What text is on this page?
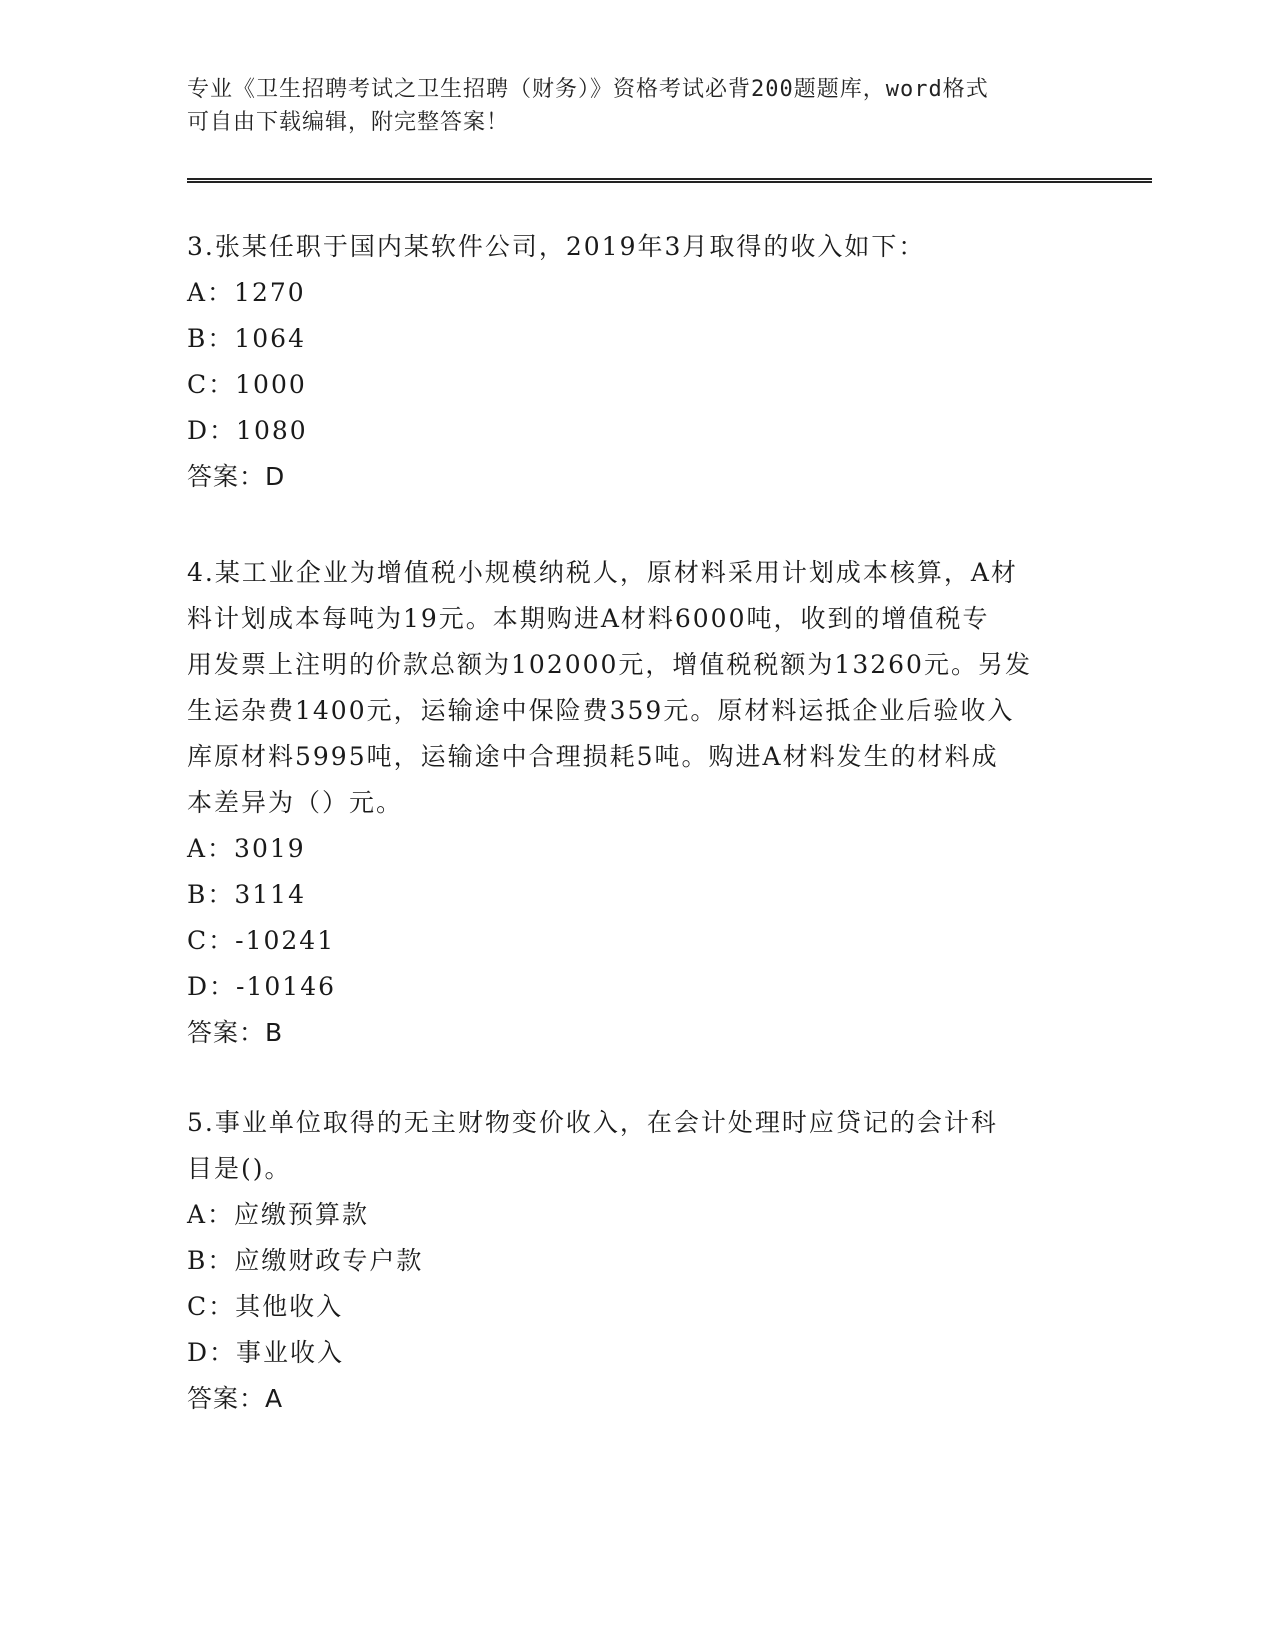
专业《卫生招聘考试之卫生招聘（财务）》资格考试必背200题题库，word格式
可自由下载编辑，附完整答案！
3.张某任职于国内某软件公司，2019年3月取得的收入如下：
A：1270
B：1064
C：1000
D：1080
答案：D
4.某工业企业为增值税小规模纳税人，原材料采用计划成本核算，A材
料计划成本每吨为19元。本期购进A材料6000吨，收到的增值税专
用发票上注明的价款总额为102000元，增值税税额为13260元。另发
生运杂费1400元，运输途中保险费359元。原材料运抵企业后验收入
库原材料5995吨，运输途中合理损耗5吨。购进A材料发生的材料成
本差异为（）元。
A：3019
B：3114
C：-10241
D：-10146
答案：B
5.事业单位取得的无主财物变价收入，在会计处理时应贷记的会计科
目是()。
A：应缴预算款
B：应缴财政专户款
C：其他收入
D：事业收入
答案：A
